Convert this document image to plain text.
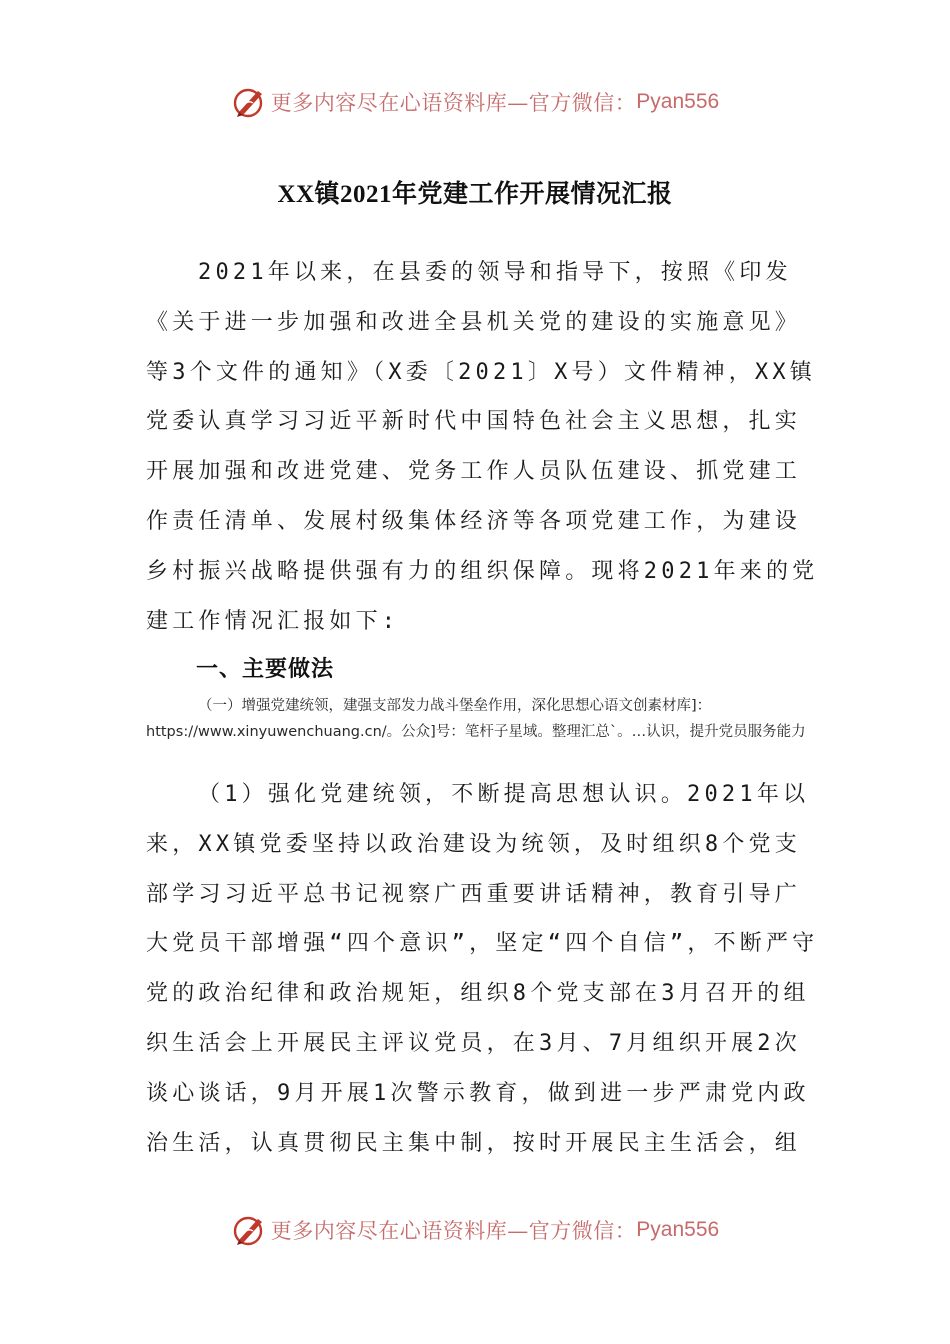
更多内容尽在心语资料库—官方微信： Pyan556
XX镇2021年党建工作开展情况汇报

2021年以来，在县委的领导和指导下，按照《印发《关于进一步加强和改进全县机关党的建设的实施意见》等3个文件的通知》（X委〔2021〕X号）文件精神，XX镇党委认真学习习近平新时代中国特色社会主义思想，扎实开展加强和改进党建、党务工作人员队伍建设、抓党建工作责任清单、发展村级集体经济等各项党建工作，为建设乡村振兴战略提供强有力的组织保障。现将2021年来的党建工作情况汇报如下:

一、主要做法

（一）增强党建统领，建强支部发力战斗堡垒作用，深化思想心语文创素材库]：https://www.xinyuwenchuang.cn/。公众]号：笔杆子星域。整理汇总`。…认识，提升党员服务能力

（1）强化党建统领，不断提高思想认识。2021年以来，XX镇党委坚持以政治建设为统领，及时组织8个党支部学习习近平总书记视察广西重要讲话精神，教育引导广大党员干部增强“四个意识”，坚定“四个自信”，不断严守党的政治纪律和政治规矩，组织8个党支部在3月召开的组织生活会上开展民主评议党员，在3月、7月组织开展2次谈心谈话，9月开展1次警示教育，做到进一步严肃党内政治生活，认真贯彻民主集中制，按时开展民主生活会，组

更多内容尽在心语资料库—官方微信： Pyan556
